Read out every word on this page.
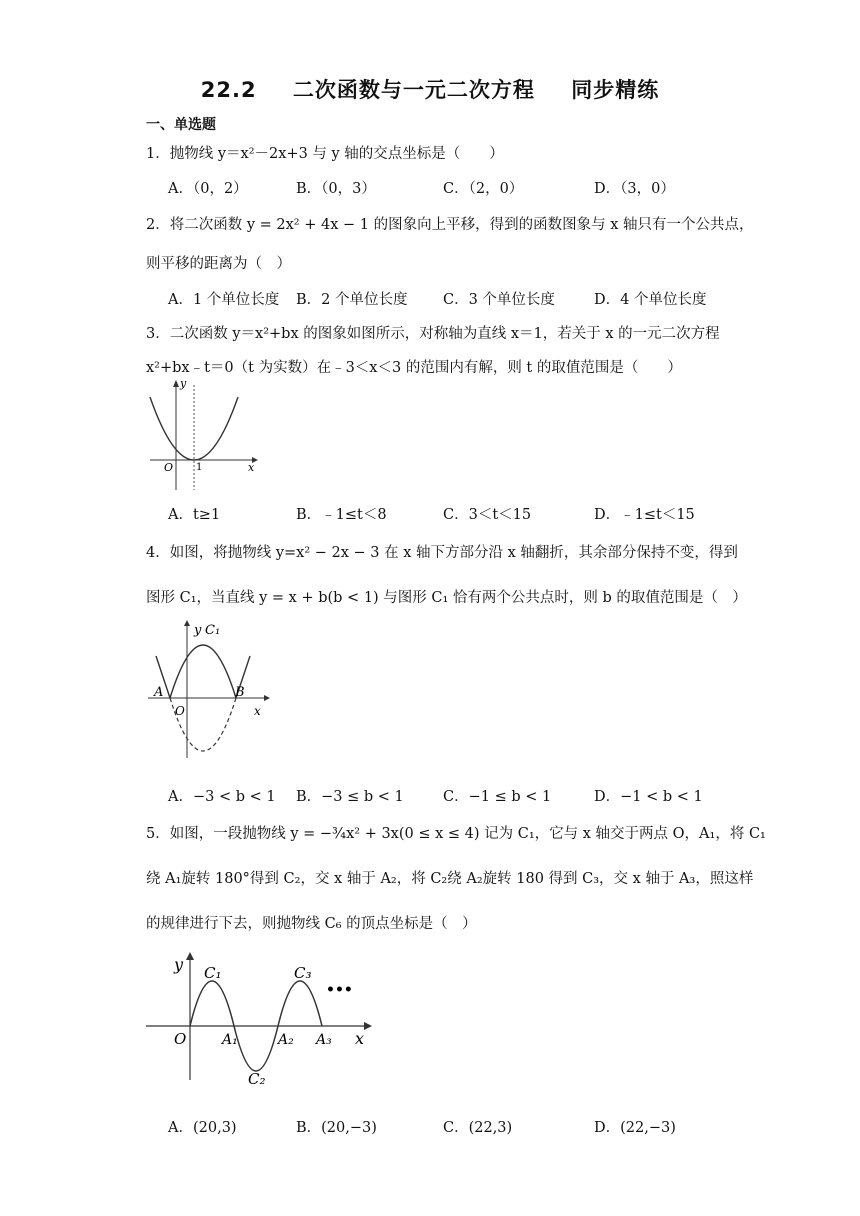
22.2 二次函数与一元二次方程 同步精练
一、单选题
1．抛物线 y＝x²－2x+3 与 y 轴的交点坐标是（　　）
A．（0，2）	B．（0，3）	C．（2，0）	D．（3，0）
2．将二次函数 y = 2x² + 4x − 1 的图象向上平移，得到的函数图象与 x 轴只有一个公共点，
则平移的距离为（　）
A．1 个单位长度 B．2 个单位长度 C．3 个单位长度	D．4 个单位长度
3．二次函数 y＝x²+bx 的图象如图所示，对称轴为直线 x＝1，若关于 x 的一元二次方程
x²+bx﹣t＝0（t 为实数）在﹣3＜x＜3 的范围内有解，则 t 的取值范围是（　　）
y
x
O 1
A．t≥1	B．﹣1≤t＜8	C．3＜t＜15	D．﹣1≤t＜15
4．如图，将抛物线 y=x² − 2x − 3 在 x 轴下方部分沿 x 轴翻折，其余部分保持不变，得到
图形 C₁，当直线 y = x + b(b < 1) 与图形 C₁ 恰有两个公共点时，则 b 的取值范围是（　）
y C₁
A	B
O	x
A．−3 < b < 1 B．−3 ≤ b < 1	C．−1 ≤ b < 1	D．−1 < b < 1
5．如图，一段抛物线 y = −¾x² + 3x(0 ≤ x ≤ 4) 记为 C₁，它与 x 轴交于两点 O，A₁，将 C₁
绕 A₁旋转 180°得到 C₂，交 x 轴于 A₂，将 C₂绕 A₂旋转 180 得到 C₃，交 x 轴于 A₃，照这样
的规律进行下去，则抛物线 C₆ 的顶点坐标是（　）
y
x
O
C₁
C₂
C₃
A₁	A₂ A₃
•••
A．(20,3)	B．(20,−3)	C．(22,3)	D．(22,−3)
